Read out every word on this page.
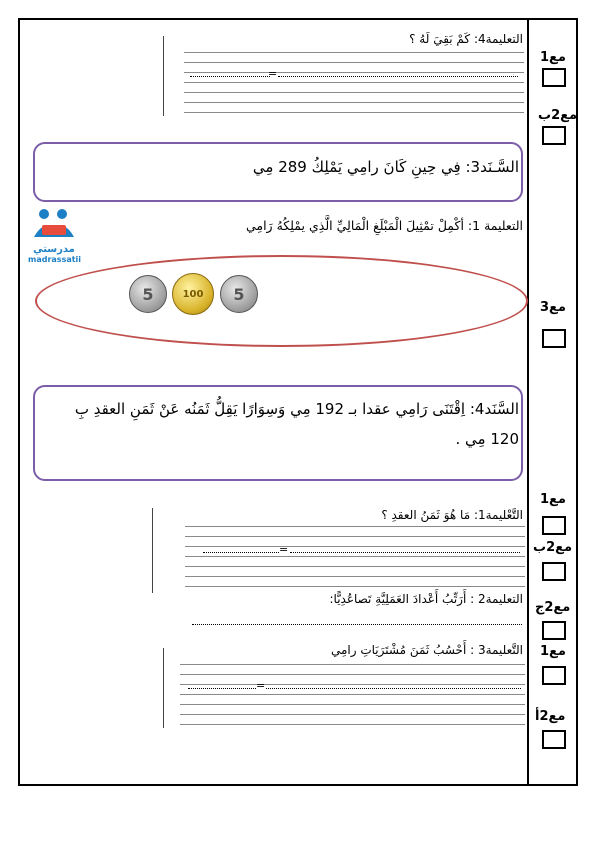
مع1
مع2ب
مع3
مع1
مع2ب
مع2ج
مع1
مع2أ
التعليمة4: كَمْ بَقِيَ لَهُ ؟
=
السَّـنَد3: فِي حِينِ كَانَ رامِي يَمْلِكُ 289 مِي
مدرستي
madrassatii
التعليمة 1: أكْمِلْ تمْثِيلَ الْمَبْلَغِ الْمَالِيِّ الَّذِي يمْلِكُهُ رَامِي
5	100	5
السَّنَد4: اِقْتَنَى رَامِي عقدا بـ 192 مِي وَسِوَارًا يَقِلُّ ثَمَنُه عَنْ ثَمَنِ العقدِ بِ
120 مِي .
التَّعْليمة1: مَا هُوَ ثَمَنُ العقدِ ؟
=
التعليمة2 : أَرَتِّبُ أَعْدادَ العَمَلِيَّةِ تَصاعُدِيًّا:
التَّعليمة3 : أَحْسُبُ ثَمَنَ مُشْتَرَيَاتِ رامِي
=
